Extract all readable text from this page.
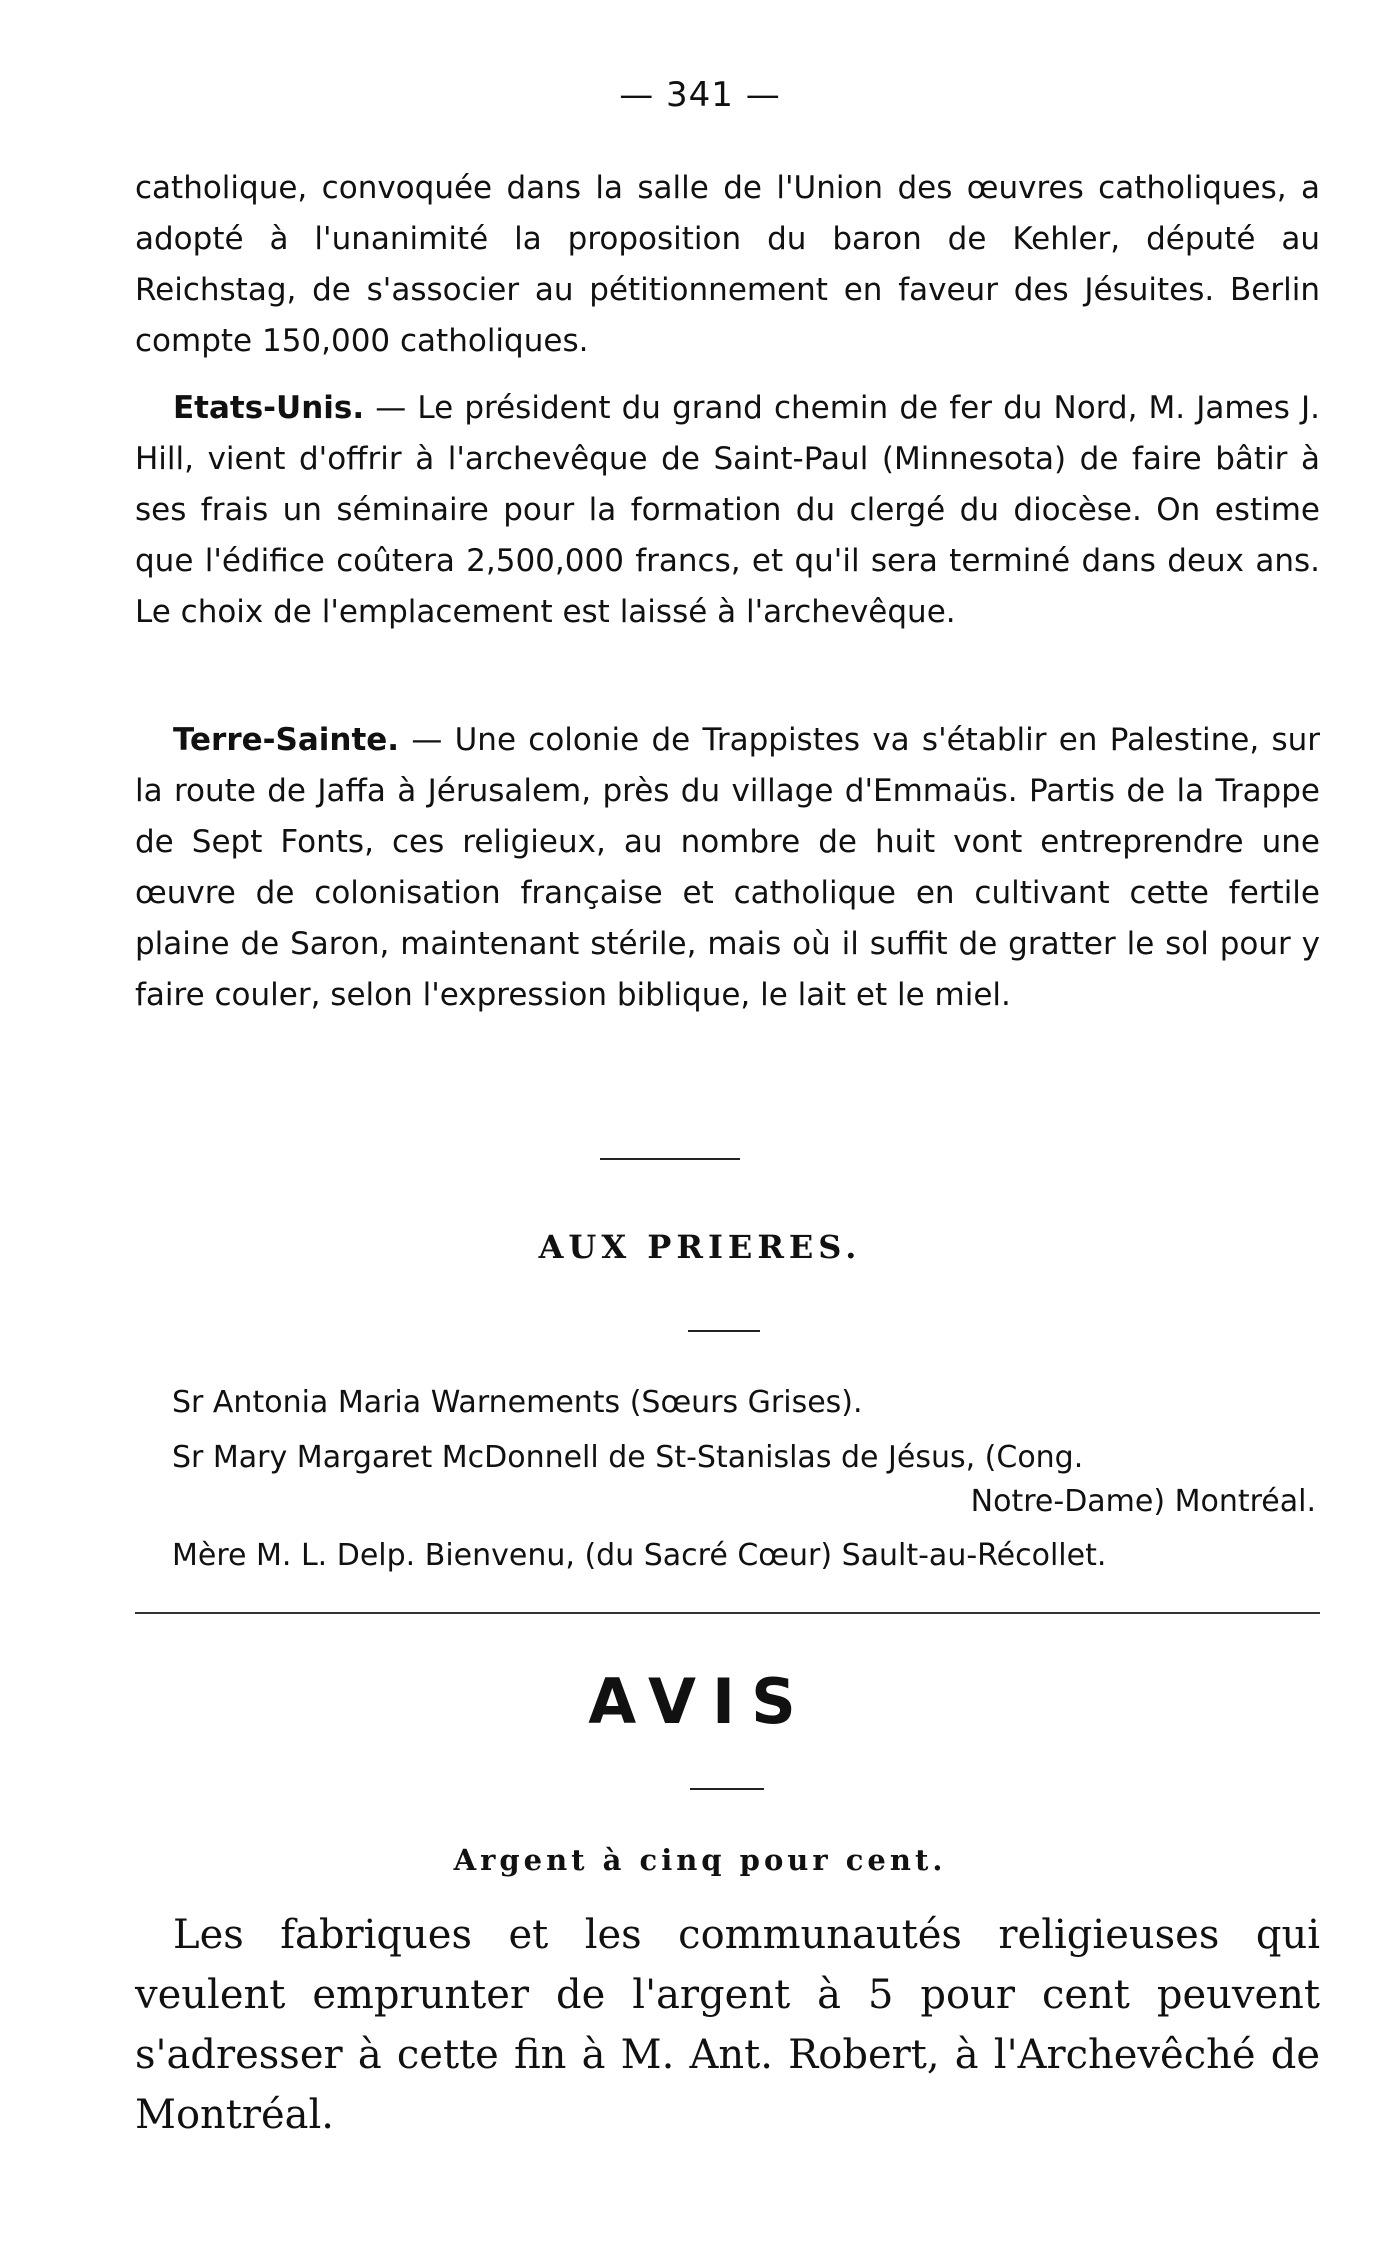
— 341 —

catholique, convoquée dans la salle de l'Union des œuvres catholiques, a adopté à l'unanimité la proposition du baron de Kehler, député au Reichstag, de s'associer au pétitionnement en faveur des Jésuites. Berlin compte 150,000 catholiques.

Etats-Unis. — Le président du grand chemin de fer du Nord, M. James J. Hill, vient d'offrir à l'archevêque de Saint-Paul (Minnesota) de faire bâtir à ses frais un séminaire pour la formation du clergé du diocèse. On estime que l'édifice coûtera 2,500,000 francs, et qu'il sera terminé dans deux ans. Le choix de l'emplacement est laissé à l'archevêque.

Terre-Sainte. — Une colonie de Trappistes va s'établir en Palestine, sur la route de Jaffa à Jérusalem, près du village d'Emmaüs. Partis de la Trappe de Sept Fonts, ces religieux, au nombre de huit vont entreprendre une œuvre de colonisation française et catholique en cultivant cette fertile plaine de Saron, maintenant stérile, mais où il suffit de gratter le sol pour y faire couler, selon l'expression biblique, le lait et le miel.

AUX PRIERES.

Sr Antonia Maria Warnements (Sœurs Grises).

Sr Mary Margaret McDonnell de St-Stanislas de Jésus, (Cong.

Notre-Dame) Montréal.

Mère M. L. Delp. Bienvenu, (du Sacré Cœur) Sault-au-Récollet.

AVIS
Argent à cinq pour cent.

Les fabriques et les communautés religieuses qui veulent emprunter de l'argent à 5 pour cent peuvent s'adresser à cette fin à M. Ant. Robert, à l'Archevêché de Montréal.
